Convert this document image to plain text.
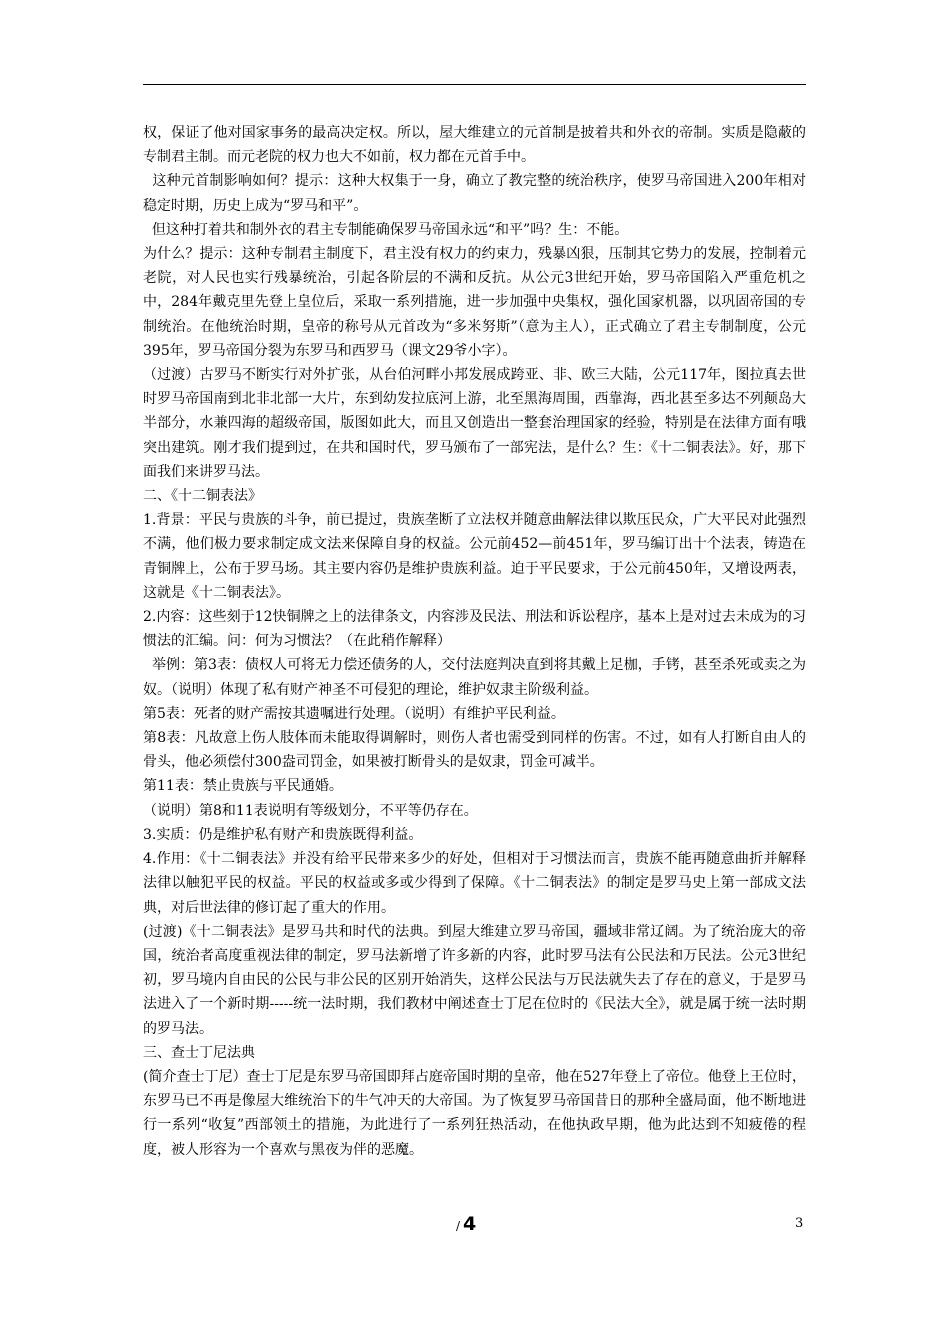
权，保证了他对国家事务的最高决定权。所以，屋大维建立的元首制是披着共和外衣的帝制。实质是隐蔽的专制君主制。而元老院的权力也大不如前，权力都在元首手中。

这种元首制影响如何？提示：这种大权集于一身，确立了教完整的统治秩序，使罗马帝国进入200年相对稳定时期，历史上成为“罗马和平”。

但这种打着共和制外衣的君主专制能确保罗马帝国永远“和平”吗？生：不能。

为什么？提示：这种专制君主制度下，君主没有权力的约束力，残暴凶狠，压制其它势力的发展，控制着元老院，对人民也实行残暴统治，引起各阶层的不满和反抗。从公元3世纪开始，罗马帝国陷入严重危机之中，284年戴克里先登上皇位后，采取一系列措施，进一步加强中央集权，强化国家机器，以巩固帝国的专制统治。在他统治时期，皇帝的称号从元首改为“多米努斯”（意为主人），正式确立了君主专制制度，公元395年，罗马帝国分裂为东罗马和西罗马（课文29爷小字）。

（过渡）古罗马不断实行对外扩张，从台伯河畔小邦发展成跨亚、非、欧三大陆，公元117年，图拉真去世时罗马帝国南到北非北部一大片，东到幼发拉底河上游，北至黑海周围，西靠海，西北甚至多达不列颠岛大半部分，水兼四海的超级帝国，版图如此大，而且又创造出一整套治理国家的经验，特别是在法律方面有哦突出建筑。刚才我们提到过，在共和国时代，罗马颁布了一部宪法，是什么？生：《十二铜表法》。好，那下面我们来讲罗马法。

二、《十二铜表法》

1.背景：平民与贵族的斗争，前已提过，贵族垄断了立法权并随意曲解法律以欺压民众，广大平民对此强烈不满，他们极力要求制定成文法来保障自身的权益。公元前452—前451年，罗马编订出十个法表，铸造在青铜牌上，公布于罗马场。其主要内容仍是维护贵族利益。迫于平民要求，于公元前450年，又增设两表，这就是《十二铜表法》。

2.内容：这些刻于12快铜牌之上的法律条文，内容涉及民法、刑法和诉讼程序，基本上是对过去未成为的习惯法的汇编。问：何为习惯法？（在此稍作解释）

举例：第3表：债权人可将无力偿还债务的人，交付法庭判决直到将其戴上足枷，手铐，甚至杀死或卖之为奴。（说明）体现了私有财产神圣不可侵犯的理论，维护奴隶主阶级利益。

第5表：死者的财产需按其遗嘱进行处理。（说明）有维护平民利益。

第8表：凡故意上伤人肢体而未能取得调解时，则伤人者也需受到同样的伤害。不过，如有人打断自由人的骨头，他必须偿付300盎司罚金，如果被打断骨头的是奴隶，罚金可减半。

第11表：禁止贵族与平民通婚。

（说明）第8和11表说明有等级划分，不平等仍存在。

3.实质：仍是维护私有财产和贵族既得利益。

4.作用：《十二铜表法》并没有给平民带来多少的好处，但相对于习惯法而言，贵族不能再随意曲折并解释法律以触犯平民的权益。平民的权益或多或少得到了保障。《十二铜表法》的制定是罗马史上第一部成文法典，对后世法律的修订起了重大的作用。

(过渡)《十二铜表法》是罗马共和时代的法典。到屋大维建立罗马帝国，疆域非常辽阔。为了统治庞大的帝国，统治者高度重视法律的制定，罗马法新增了许多新的内容，此时罗马法有公民法和万民法。公元3世纪初，罗马境内自由民的公民与非公民的区别开始消失，这样公民法与万民法就失去了存在的意义，于是罗马法进入了一个新时期-----统一法时期，我们教材中阐述查士丁尼在位时的《民法大全》，就是属于统一法时期的罗马法。

三、查士丁尼法典

(简介查士丁尼）查士丁尼是东罗马帝国即拜占庭帝国时期的皇帝，他在527年登上了帝位。他登上王位时，东罗马已不再是像屋大维统治下的牛气冲天的大帝国。为了恢复罗马帝国昔日的那种全盛局面，他不断地进行一系列“收复”西部领土的措施，为此进行了一系列狂热活动，在他执政早期，他为此达到不知疲倦的程度，被人形容为一个喜欢与黑夜为伴的恶魔。

/ 4	3
